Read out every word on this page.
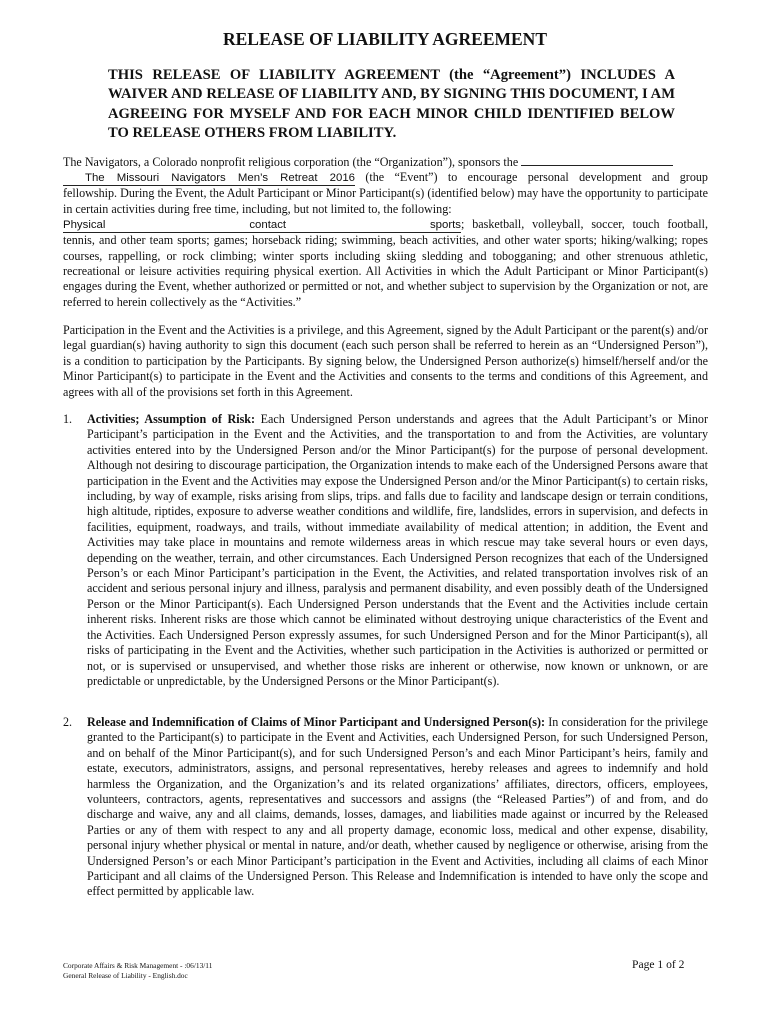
RELEASE OF LIABILITY AGREEMENT
THIS RELEASE OF LIABILITY AGREEMENT (the “Agreement”) INCLUDES A WAIVER AND RELEASE OF LIABILITY AND, BY SIGNING THIS DOCUMENT, I AM AGREEING FOR MYSELF AND FOR EACH MINOR CHILD IDENTIFIED BELOW TO RELEASE OTHERS FROM LIABILITY.

The Navigators, a Colorado nonprofit religious corporation (the “Organization”), sponsors the

The Missouri Navigators Men’s Retreat 2016 (the “Event”) to encourage personal development and group

fellowship. During the Event, the Adult Participant or Minor Participant(s) (identified below) may have the opportunity to participate in certain activities during free time, including, but not limited to, the following:

Physical contact sports; basketball, volleyball, soccer, touch football,

tennis, and other team sports; games; horseback riding; swimming, beach activities, and other water sports; hiking/walking; ropes courses, rappelling, or rock climbing; winter sports including skiing sledding and tobogganing; and other strenuous athletic, recreational or leisure activities requiring physical exertion. All Activities in which the Adult Participant or Minor Participant(s) engages during the Event, whether authorized or permitted or not, and whether subject to supervision by the Organization or not, are referred to herein collectively as the “Activities.”

Participation in the Event and the Activities is a privilege, and this Agreement, signed by the Adult Participant or the parent(s) and/or legal guardian(s) having authority to sign this document (each such person shall be referred to herein as an “Undersigned Person”), is a condition to participation by the Participants. By signing below, the Undersigned Person authorize(s) himself/herself and/or the Minor Participant(s) to participate in the Event and the Activities and consents to the terms and conditions of this Agreement, and agrees with all of the provisions set forth in this Agreement.

1. Activities; Assumption of Risk: Each Undersigned Person understands and agrees that the Adult Participant’s or Minor Participant’s participation in the Event and the Activities, and the transportation to and from the Activities, are voluntary activities entered into by the Undersigned Person and/or the Minor Participant(s) for the purpose of personal development. Although not desiring to discourage participation, the Organization intends to make each of the Undersigned Persons aware that participation in the Event and the Activities may expose the Undersigned Person and/or the Minor Participant(s) to certain risks, including, by way of example, risks arising from slips, trips. and falls due to facility and landscape design or terrain conditions, high altitude, riptides, exposure to adverse weather conditions and wildlife, fire, landslides, errors in supervision, and defects in facilities, equipment, roadways, and trails, without immediate availability of medical attention; in addition, the Event and Activities may take place in mountains and remote wilderness areas in which rescue may take several hours or even days, depending on the weather, terrain, and other circumstances. Each Undersigned Person recognizes that each of the Undersigned Person’s or each Minor Participant’s participation in the Event, the Activities, and related transportation involves risk of an accident and serious personal injury and illness, paralysis and permanent disability, and even possibly death of the Undersigned Person or the Minor Participant(s). Each Undersigned Person understands that the Event and the Activities include certain inherent risks. Inherent risks are those which cannot be eliminated without destroying unique characteristics of the Event and the Activities. Each Undersigned Person expressly assumes, for such Undersigned Person and for the Minor Participant(s), all risks of participating in the Event and the Activities, whether such participation in the Activities is authorized or permitted or not, or is supervised or unsupervised, and whether those risks are inherent or otherwise, now known or unknown, or are predictable or unpredictable, by the Undersigned Persons or the Minor Participant(s).

2. Release and Indemnification of Claims of Minor Participant and Undersigned Person(s): In consideration for the privilege granted to the Participant(s) to participate in the Event and Activities, each Undersigned Person, for such Undersigned Person, and on behalf of the Minor Participant(s), and for such Undersigned Person’s and each Minor Participant’s heirs, family and estate, executors, administrators, assigns, and personal representatives, hereby releases and agrees to indemnify and hold harmless the Organization, and the Organization’s and its related organizations’ affiliates, directors, officers, employees, volunteers, contractors, agents, representatives and successors and assigns (the “Released Parties”) of and from, and do discharge and waive, any and all claims, demands, losses, damages, and liabilities made against or incurred by the Released Parties or any of them with respect to any and all property damage, economic loss, medical and other expense, disability, personal injury whether physical or mental in nature, and/or death, whether caused by negligence or otherwise, arising from the Undersigned Person’s or each Minor Participant’s participation in the Event and Activities, including all claims of each Minor Participant and all claims of the Undersigned Person. This Release and Indemnification is intended to have only the scope and effect permitted by applicable law.

Corporate Affairs & Risk Management - :06/13/11
General Release of Liability - English.doc
Page 1 of 2
